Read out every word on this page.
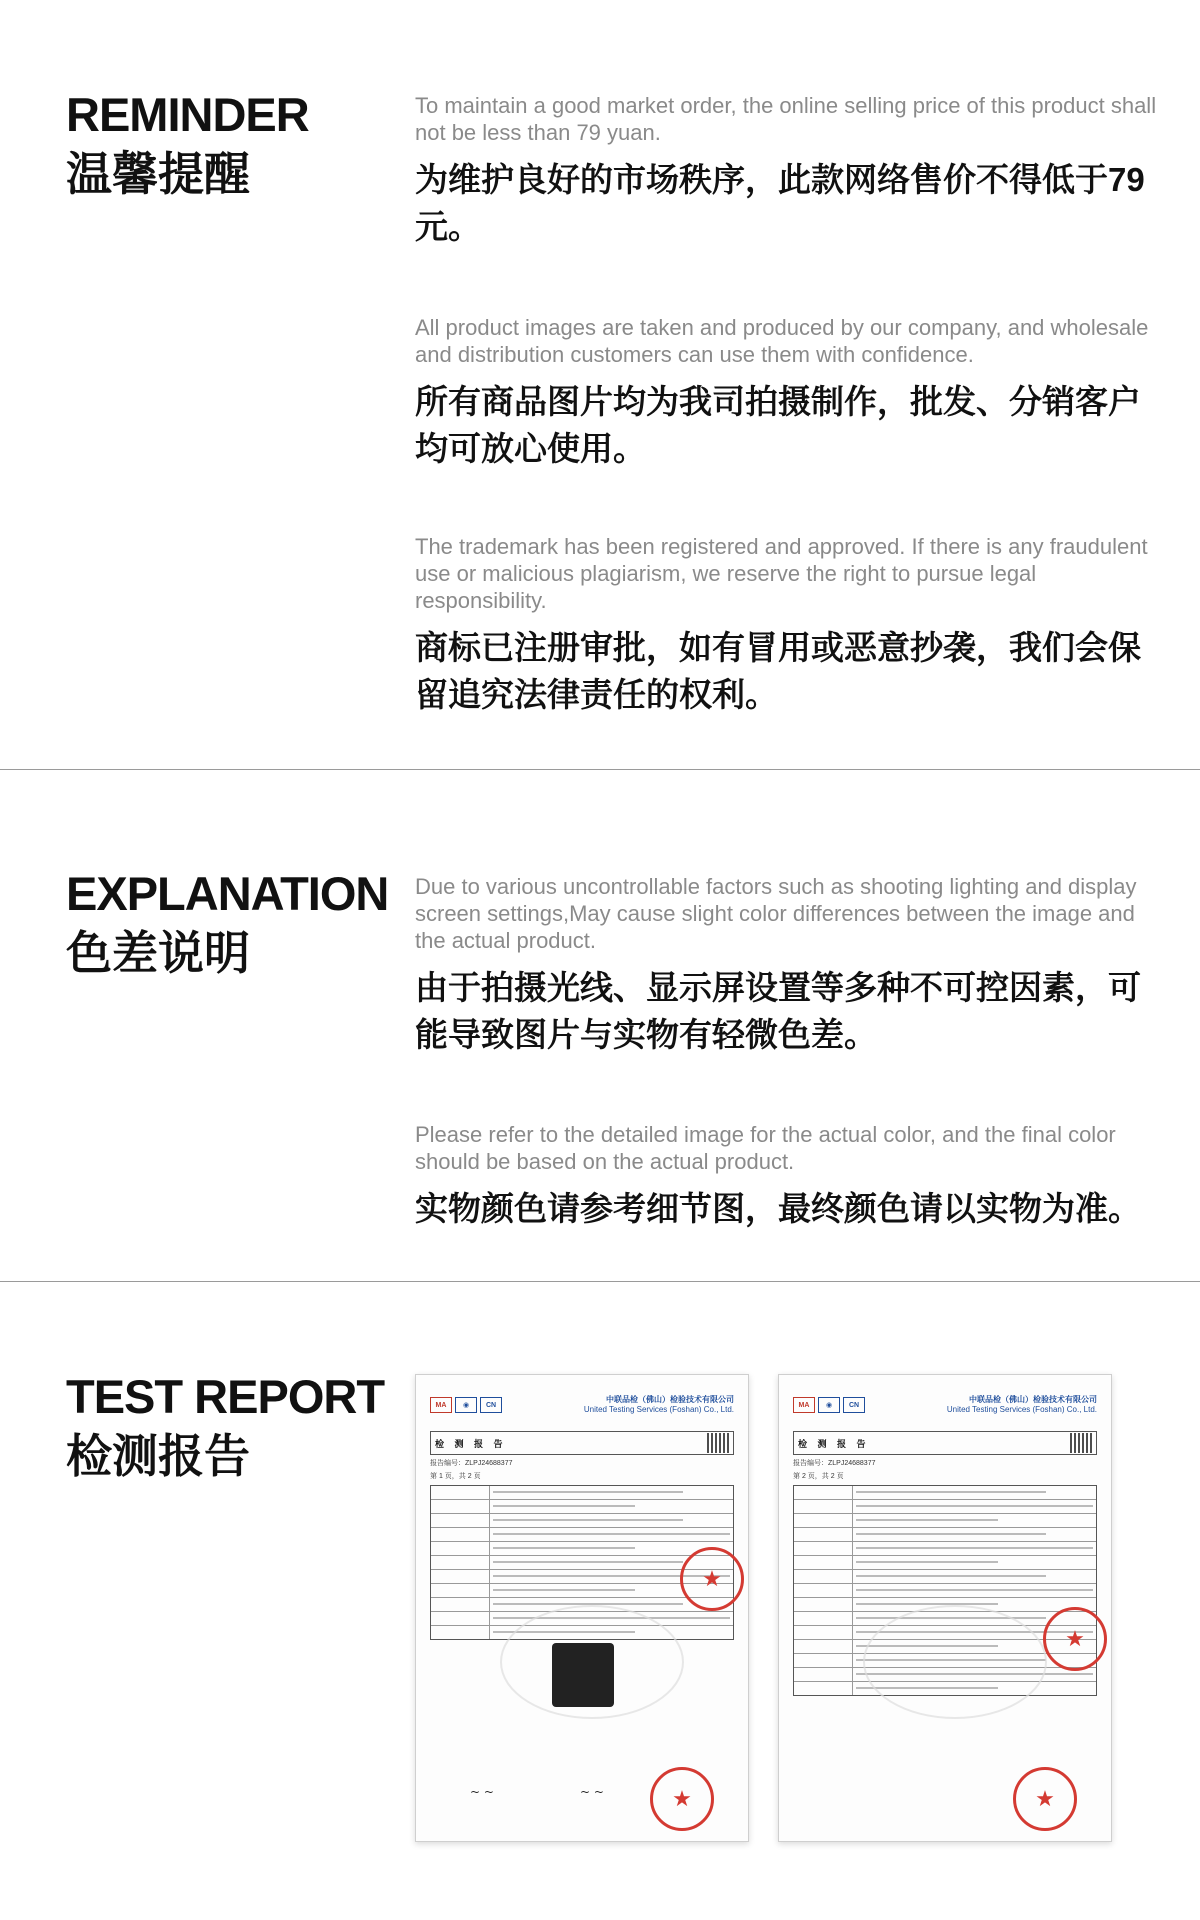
REMINDER
温馨提醒
To maintain a good market order, the online selling price of this product shall not be less than 79 yuan.
为维护良好的市场秩序，此款网络售价不得低于79元。
All product images are taken and produced by our company, and wholesale and distribution customers can use them with confidence.
所有商品图片均为我司拍摄制作，批发、分销客户均可放心使用。
The trademark has been registered and approved. If there is any fraudulent use or malicious plagiarism, we reserve the right to pursue legal responsibility.
商标已注册审批，如有冒用或恶意抄袭，我们会保留追究法律责任的权利。
EXPLANATION
色差说明
Due to various uncontrollable factors such as shooting lighting and display screen settings,May cause slight color differences between the image and the actual product.
由于拍摄光线、显示屏设置等多种不可控因素，可能导致图片与实物有轻微色差。
Please refer to the detailed image for the actual color, and the final color should be based on the actual product.
实物颜色请参考细节图，最终颜色请以实物为准。
TEST REPORT
检测报告
MA	◉	CN
中联品检（佛山）检验技术有限公司
United Testing Services (Foshan) Co., Ltd.
检 测 报 告
报告编号：ZLPJ24688377
第 1 页，共 2 页
~ ~	~ ~
★
★
MA	◉	CN
中联品检（佛山）检验技术有限公司
United Testing Services (Foshan) Co., Ltd.
检 测 报 告
报告编号：ZLPJ24688377
第 2 页，共 2 页
★
★
